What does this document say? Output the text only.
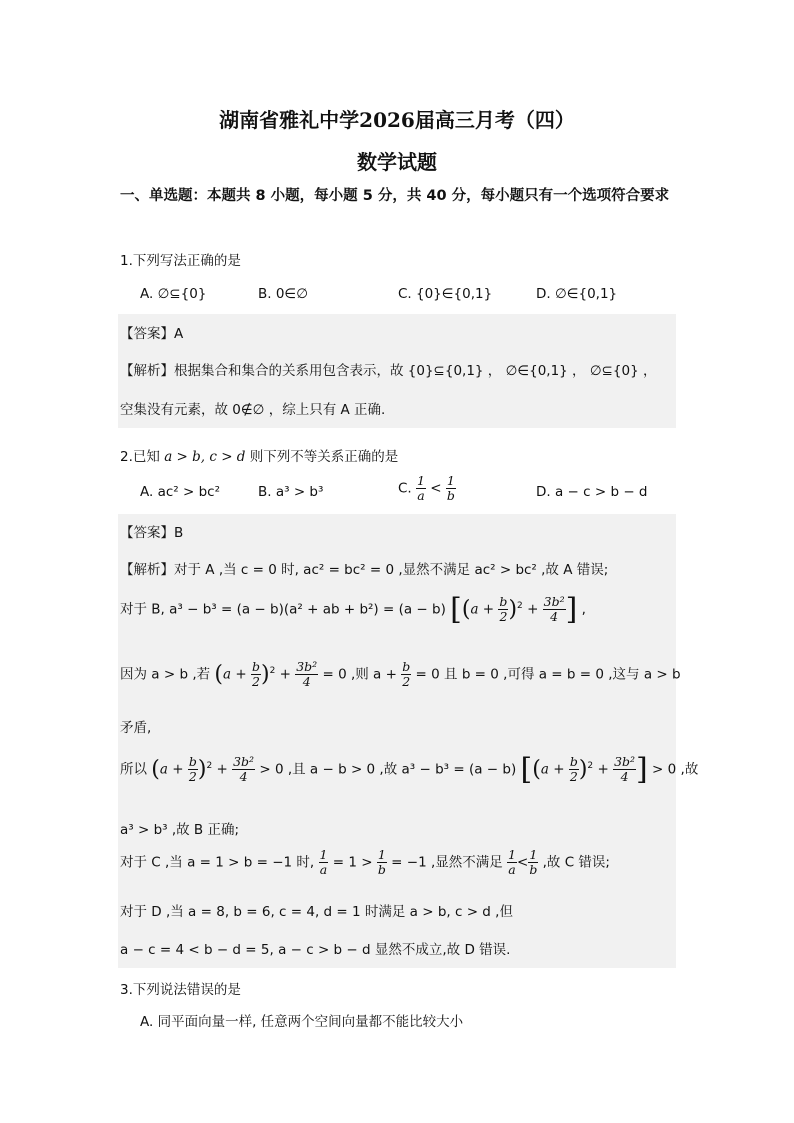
湖南省雅礼中学2026届高三月考（四）
数学试题
一、单选题：本题共 8 小题，每小题 5 分，共 40 分，每小题只有一个选项符合要求
1.下列写法正确的是
A. ∅⊆{0}	B. 0∈∅	C. {0}∈{0,1}	D. ∅∈{0,1}
【答案】A
【解析】根据集合和集合的关系用包含表示，故 {0}⊆{0,1} ， ∅∈{0,1} ， ∅⊆{0} ，
空集没有元素，故 0∉∅ ，综上只有 A 正确.
2.已知 a > b, c > d 则下列不等关系正确的是
A. ac² > bc²	B. a³ > b³	C. $\frac{1}{a} < \frac{1}{b}$	D. a − c > b − d
【答案】B
【解析】对于 A ,当 c = 0 时, ac² = bc² = 0 ,显然不满足 ac² > bc² ,故 A 错误;
对于 B, a³ − b³ = (a − b)(a² + ab + b²) = (a − b) [$(a + \frac{b}{2} )^2 + \frac{\text{3b²}}{4}$ ] ,
因为 a > b ,若 $(a + \frac{b}{2} )^2 + \frac{\text{3b²}}{4} = 0$ ,则 $a + \frac{b}{2} = 0$ 且 b = 0 ,可得 a = b = 0 ,这与 a > b
矛盾,
所以 $(a + \frac{b}{2} )^2 + \frac{\text{3b²}}{4} > 0$ ,且 a − b > 0 ,故 a³ − b³ = (a − b) [$(a + \frac{b}{2} )^2 + \frac{\text{3b²}}{4}$ ] > 0 ,故
a³ > b³ ,故 B 正确;
对于 C ,当 a = 1 > b = −1 时, $\frac{1}{a} = 1 > \frac{1}{b} = -1$ ,显然不满足 $\frac{1}{a} < \frac{1}{b}$ ,故 C 错误;
对于 D ,当 a = 8, b = 6, c = 4, d = 1 时满足 a > b, c > d ,但
a − c = 4 < b − d = 5, a − c > b − d 显然不成立,故 D 错误.
3.下列说法错误的是
A. 同平面向量一样, 任意两个空间向量都不能比较大小
